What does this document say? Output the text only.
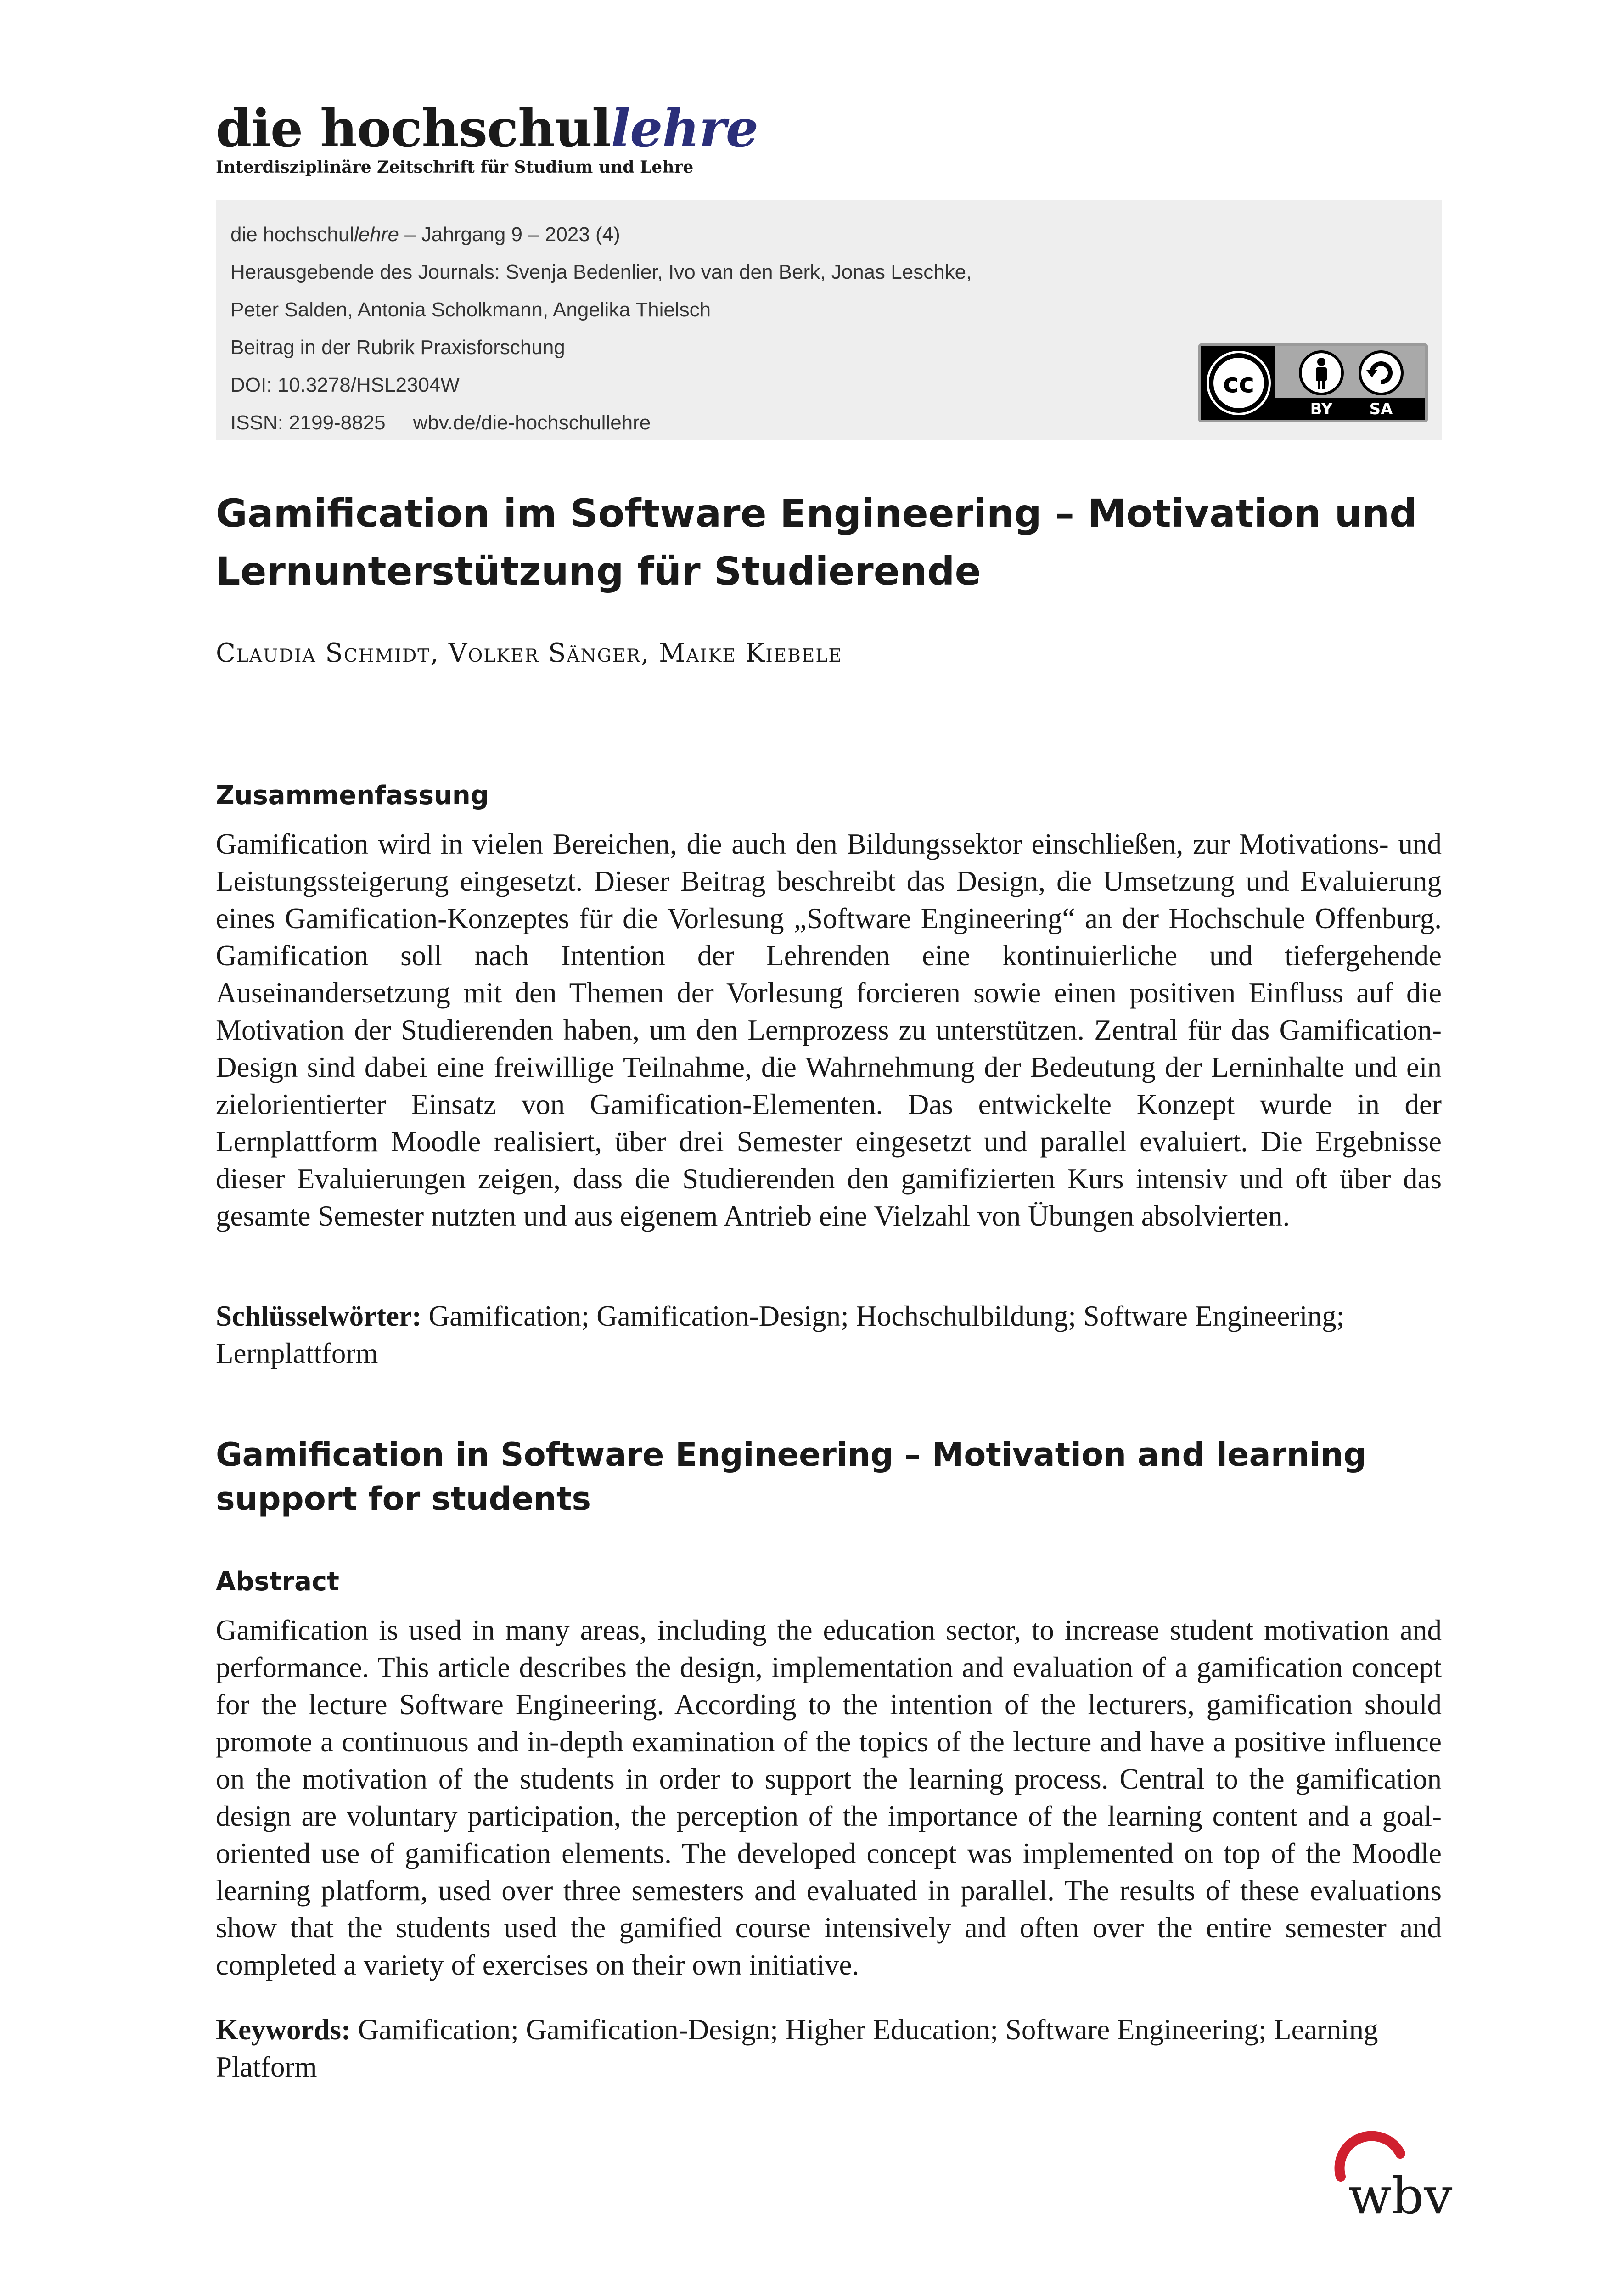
die hochschullehre
Interdisziplinäre Zeitschrift für Studium und Lehre
die hochschullehre – Jahrgang 9 – 2023 (4)
Herausgebende des Journals: Svenja Bedenlier, Ivo van den Berk, Jonas Leschke,
Peter Salden, Antonia Scholkmann, Angelika Thielsch
Beitrag in der Rubrik Praxisforschung
DOI: 10.3278/HSL2304W
ISSN: 2199-8825 wbv.de/die-hochschullehre
cc
BY SA
Gamification im Software Engineering – Motivation und Lernunterstützung für Studierende
Claudia Schmidt, Volker Sänger, Maike Kiebele
Zusammenfassung
Gamification wird in vielen Bereichen, die auch den Bildungssektor einschließen, zur Motivations- und Leistungssteigerung eingesetzt. Dieser Beitrag beschreibt das Design, die Umsetzung und Evaluierung eines Gamification-Konzeptes für die Vorlesung „Software Engineering“ an der Hochschule Offenburg. Gamification soll nach Intention der Lehrenden eine kontinuierliche und tiefergehende Auseinandersetzung mit den Themen der Vorlesung forcieren sowie einen positiven Einfluss auf die Motivation der Studierenden haben, um den Lernprozess zu unterstützen. Zentral für das Gamification-Design sind dabei eine freiwillige Teilnahme, die Wahrnehmung der Bedeutung der Lerninhalte und ein zielorientierter Einsatz von Gamification-Elementen. Das entwickelte Konzept wurde in der Lernplattform Moodle realisiert, über drei Semester eingesetzt und parallel evaluiert. Die Ergebnisse dieser Evaluierungen zeigen, dass die Studierenden den gamifizierten Kurs intensiv und oft über das gesamte Semester nutzten und aus eigenem Antrieb eine Vielzahl von Übungen absolvierten.
Schlüsselwörter: Gamification; Gamification-Design; Hochschulbildung; Software Engineering; Lernplattform
Gamification in Software Engineering – Motivation and learning support for students
Abstract
Gamification is used in many areas, including the education sector, to increase student motivation and performance. This article describes the design, implementation and evaluation of a gamification concept for the lecture Software Engineering. According to the intention of the lecturers, gamification should promote a continuous and in-depth examination of the topics of the lecture and have a positive influence on the motivation of the students in order to support the learning process. Central to the gamification design are voluntary participation, the perception of the importance of the learning content and a goal-oriented use of gamification elements. The developed concept was implemented on top of the Moodle learning platform, used over three semesters and evaluated in parallel. The results of these evaluations show that the students used the gamified course intensively and often over the entire semester and completed a variety of exercises on their own initiative.
Keywords: Gamification; Gamification-Design; Higher Education; Software Engineering; Learning Platform
wbv
